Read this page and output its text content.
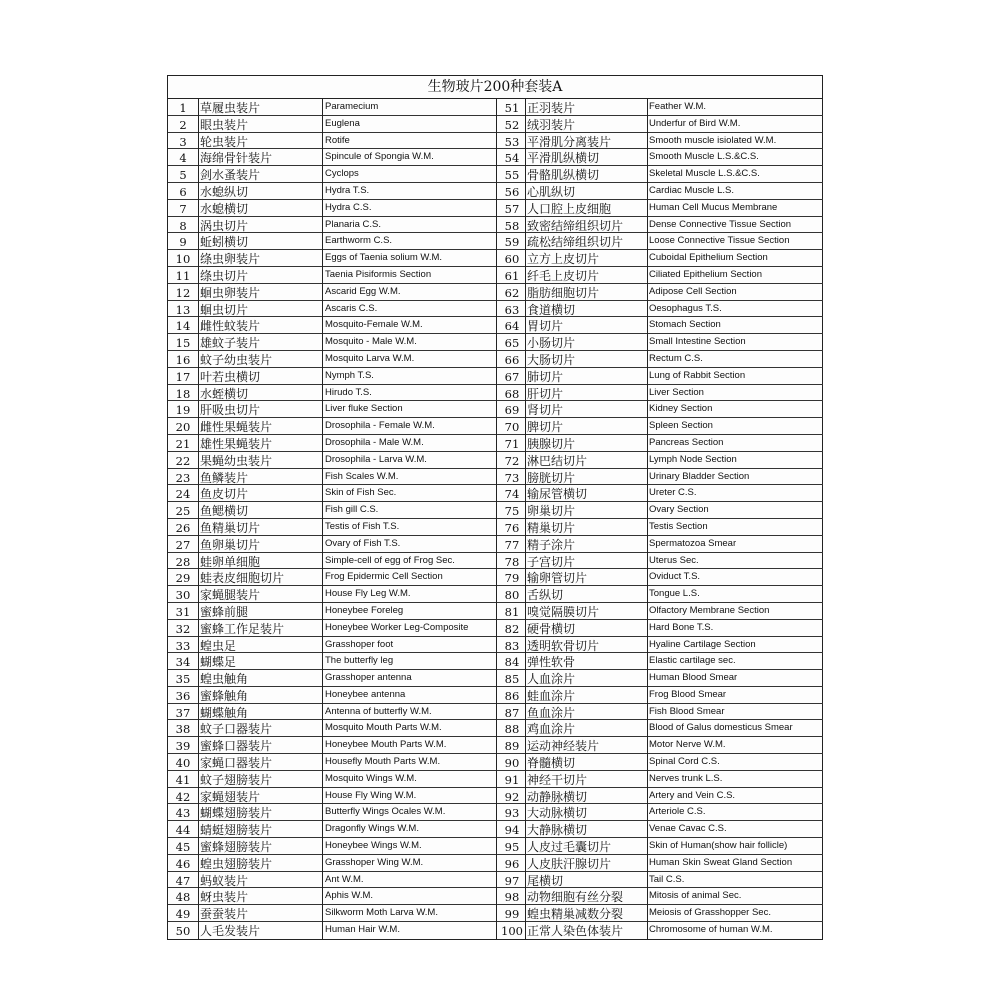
生物玻片200种套装A
1	草履虫装片	Paramecium
2	眼虫装片	Euglena
3	轮虫装片	Rotife
4	海绵骨针装片	Spincule of Spongia W.M.
5	剑水蚤装片	Cyclops
6	水螅纵切	Hydra T.S.
7	水螅横切	Hydra C.S.
8	涡虫切片	Planaria C.S.
9	蚯蚓横切	Earthworm C.S.
10 绦虫卵装片	Eggs of Taenia solium W.M.
11 绦虫切片	Taenia Pisiformis Section
12 蛔虫卵装片	Ascarid Egg W.M.
13 蛔虫切片	Ascaris C.S.
14 雌性蚊装片	Mosquito-Female W.M.
15 雄蚊子装片	Mosquito - Male W.M.
16 蚊子幼虫装片	Mosquito Larva W.M.
17 叶若虫横切	Nymph T.S.
18 水蛭横切	Hirudo T.S.
19 肝吸虫切片	Liver fluke Section
20 雌性果蝇装片	Drosophila - Female W.M.
21 雄性果蝇装片	Drosophila - Male W.M.
22 果蝇幼虫装片	Drosophila - Larva W.M.
23 鱼鳞装片	Fish Scales W.M.
24 鱼皮切片	Skin of Fish Sec.
25 鱼鳃横切	Fish gill C.S.
26 鱼精巢切片	Testis of Fish T.S.
27 鱼卵巢切片	Ovary of Fish T.S.
28 蛙卵单细胞	Simple-cell of egg of Frog Sec.
29 蛙表皮细胞切片	Frog Epidermic Cell Section
30 家蝇腿装片	House Fly Leg W.M.
31 蜜蜂前腿	Honeybee Foreleg
32 蜜蜂工作足装片	Honeybee Worker Leg-Composite
33 蝗虫足	Grasshoper foot
34 蝴蝶足	The butterfly leg
35 蝗虫触角	Grasshoper antenna
36 蜜蜂触角	Honeybee antenna
37 蝴蝶触角	Antenna of butterfly W.M.
38 蚊子口器装片	Mosquito Mouth Parts W.M.
39 蜜蜂口器装片	Honeybee Mouth Parts W.M.
40 家蝇口器装片	Housefly Mouth Parts W.M.
41 蚊子翅膀装片	Mosquito Wings W.M.
42 家蝇翅装片	House Fly Wing W.M.
43 蝴蝶翅膀装片	Butterfly Wings Ocales W.M.
44 蜻蜓翅膀装片	Dragonfly Wings W.M.
45 蜜蜂翅膀装片	Honeybee Wings W.M.
46 蝗虫翅膀装片	Grasshoper Wing W.M.
47 蚂蚁装片	Ant W.M.
48 蚜虫装片	Aphis W.M.
49 蚕蚕装片	Silkworm Moth Larva W.M.
50 人毛发装片	Human Hair W.M.
51 正羽装片	Feather W.M.
52 绒羽装片	Underfur of Bird W.M.
53 平滑肌分离装片	Smooth muscle isiolated W.M.
54 平滑肌纵横切	Smooth Muscle L.S.&C.S.
55 骨骼肌纵横切	Skeletal Muscle L.S.&C.S.
56 心肌纵切	Cardiac Muscle L.S.
57 人口腔上皮细胞	Human Cell Mucus Membrane
58 致密结缔组织切片	Dense Connective Tissue Section
59 疏松结缔组织切片	Loose Connective Tissue Section
60 立方上皮切片	Cuboidal Epithelium Section
61 纤毛上皮切片	Ciliated Epithelium Section
62 脂肪细胞切片	Adipose Cell Section
63 食道横切	Oesophagus T.S.
64 胃切片	Stomach Section
65 小肠切片	Small Intestine Section
66 大肠切片	Rectum C.S.
67 肺切片	Lung of Rabbit Section
68 肝切片	Liver Section
69 肾切片	Kidney Section
70 脾切片	Spleen Section
71 胰腺切片	Pancreas Section
72 淋巴结切片	Lymph Node Section
73 膀胱切片	Urinary Bladder Section
74 输尿管横切	Ureter C.S.
75 卵巢切片	Ovary Section
76 精巢切片	Testis Section
77 精子涂片	Spermatozoa Smear
78 子宫切片	Uterus Sec.
79 输卵管切片	Oviduct T.S.
80 舌纵切	Tongue L.S.
81 嗅觉隔膜切片	Olfactory Membrane Section
82 硬骨横切	Hard Bone T.S.
83 透明软骨切片	Hyaline Cartilage Section
84 弹性软骨	Elastic cartilage sec.
85 人血涂片	Human Blood Smear
86 蛙血涂片	Frog Blood Smear
87 鱼血涂片	Fish Blood Smear
88 鸡血涂片	Blood of Galus domesticus Smear
89 运动神经装片	Motor Nerve W.M.
90 脊髓横切	Spinal Cord C.S.
91 神经干切片	Nerves trunk L.S.
92 动静脉横切	Artery and Vein C.S.
93 大动脉横切	Arteriole C.S.
94 大静脉横切	Venae Cavac C.S.
95 人皮过毛囊切片	Skin of Human(show hair follicle)
96 人皮肤汗腺切片	Human Skin Sweat Gland Section
97 尾横切	Tail C.S.
98 动物细胞有丝分裂	Mitosis of animal Sec.
99 蝗虫精巢减数分裂	Meiosis of Grasshopper Sec.
100 正常人染色体装片	Chromosome of human W.M.
